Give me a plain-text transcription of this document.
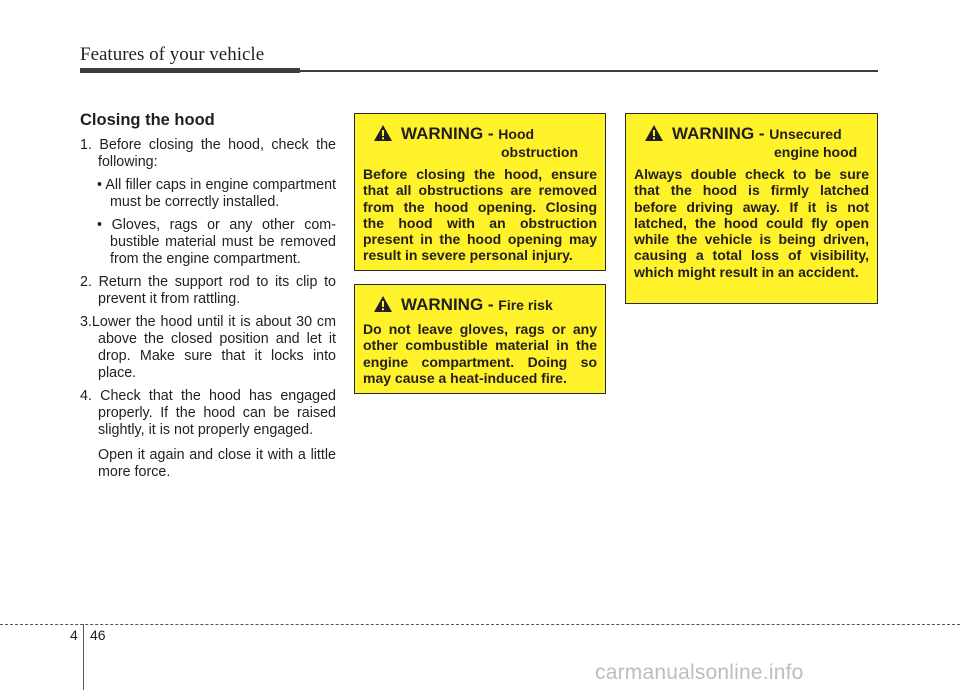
Features of your vehicle
Closing the hood
1. Before closing the hood, check the following:
• All filler caps in engine compartment must be correctly installed.
• Gloves, rags or any other combustible material must be removed from the engine compartment.
2. Return the support rod to its clip to prevent it from rattling.
3.Lower the hood until it is about 30 cm above the closed position and let it drop. Make sure that it locks into place.
4. Check that the hood has engaged properly. If the hood can be raised slightly, it is not properly engaged.
Open it again and close it with a little more force.
WARNING - Hood
obstruction
Before closing the hood, ensure that all obstructions are removed from the hood opening. Closing the hood with an obstruction present in the hood opening may result in severe personal injury.
WARNING - Fire risk
Do not leave gloves, rags or any other combustible material in the engine compartment. Doing so may cause a heat-induced fire.
WARNING - Unsecured
engine hood
Always double check to be sure that the hood is firmly latched before driving away. If it is not latched, the hood could fly open while the vehicle is being driven, causing a total loss of visibility, which might result in an accident.
4 46
carmanualsonline.info
